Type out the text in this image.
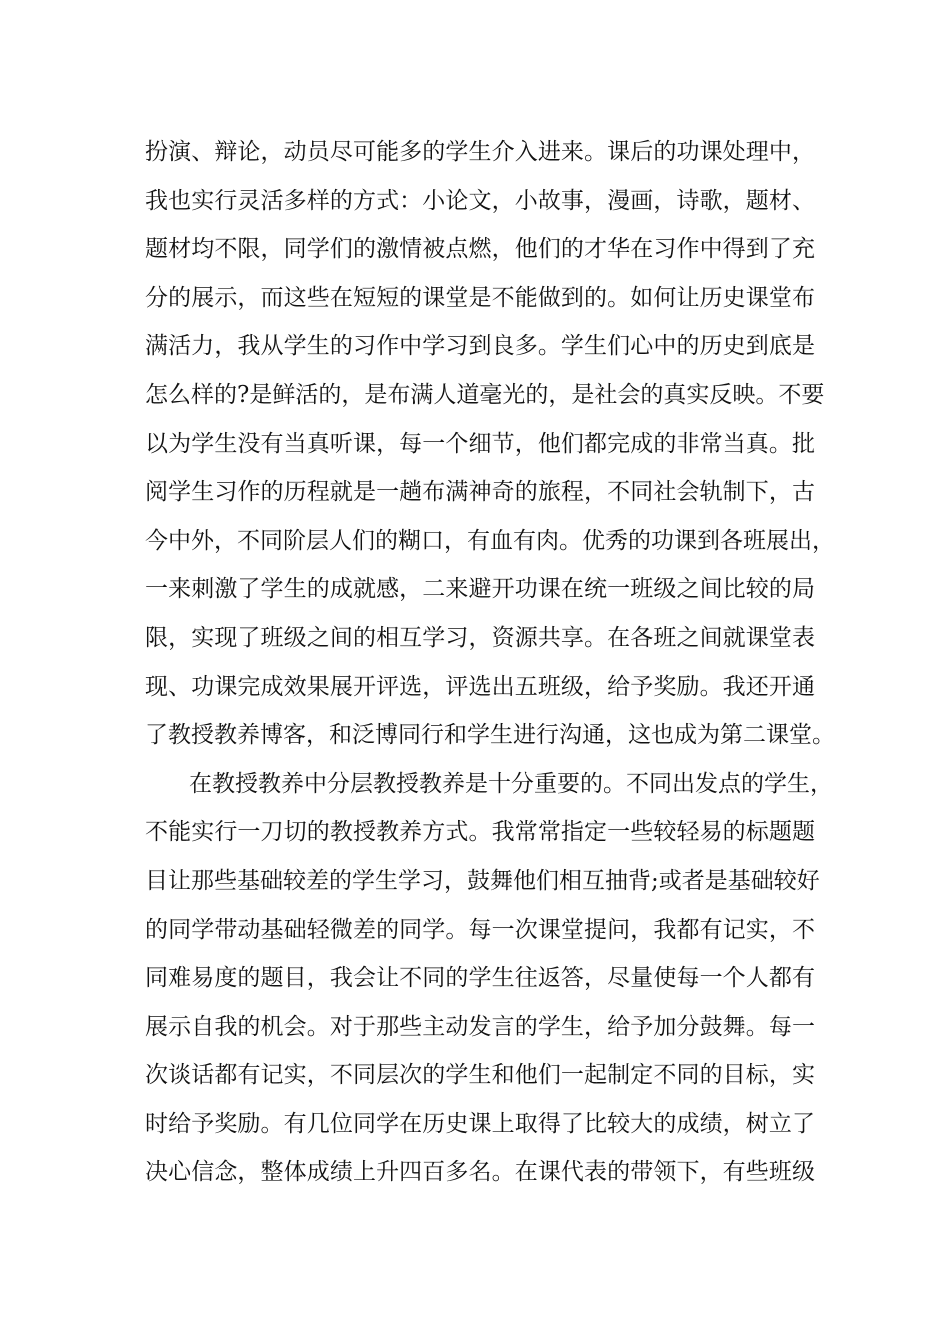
扮演、辩论，动员尽可能多的学生介入进来。课后的功课处理中，
我也实行灵活多样的方式：小论文，小故事，漫画，诗歌，题材、
题材均不限，同学们的激情被点燃，他们的才华在习作中得到了充
分的展示，而这些在短短的课堂是不能做到的。如何让历史课堂布
满活力，我从学生的习作中学习到良多。学生们心中的历史到底是
怎么样的?是鲜活的，是布满人道毫光的，是社会的真实反映。不要
以为学生没有当真听课，每一个细节，他们都完成的非常当真。批
阅学生习作的历程就是一趟布满神奇的旅程，不同社会轨制下，古
今中外，不同阶层人们的糊口，有血有肉。优秀的功课到各班展出，
一来刺激了学生的成就感，二来避开功课在统一班级之间比较的局
限，实现了班级之间的相互学习，资源共享。在各班之间就课堂表
现、功课完成效果展开评选，评选出五班级，给予奖励。我还开通
了教授教养博客，和泛博同行和学生进行沟通，这也成为第二课堂。
在教授教养中分层教授教养是十分重要的。不同出发点的学生，
不能实行一刀切的教授教养方式。我常常指定一些较轻易的标题题
目让那些基础较差的学生学习，鼓舞他们相互抽背;或者是基础较好
的同学带动基础轻微差的同学。每一次课堂提问，我都有记实，不
同难易度的题目，我会让不同的学生往返答，尽量使每一个人都有
展示自我的机会。对于那些主动发言的学生，给予加分鼓舞。每一
次谈话都有记实，不同层次的学生和他们一起制定不同的目标，实
时给予奖励。有几位同学在历史课上取得了比较大的成绩，树立了
决心信念，整体成绩上升四百多名。在课代表的带领下，有些班级
